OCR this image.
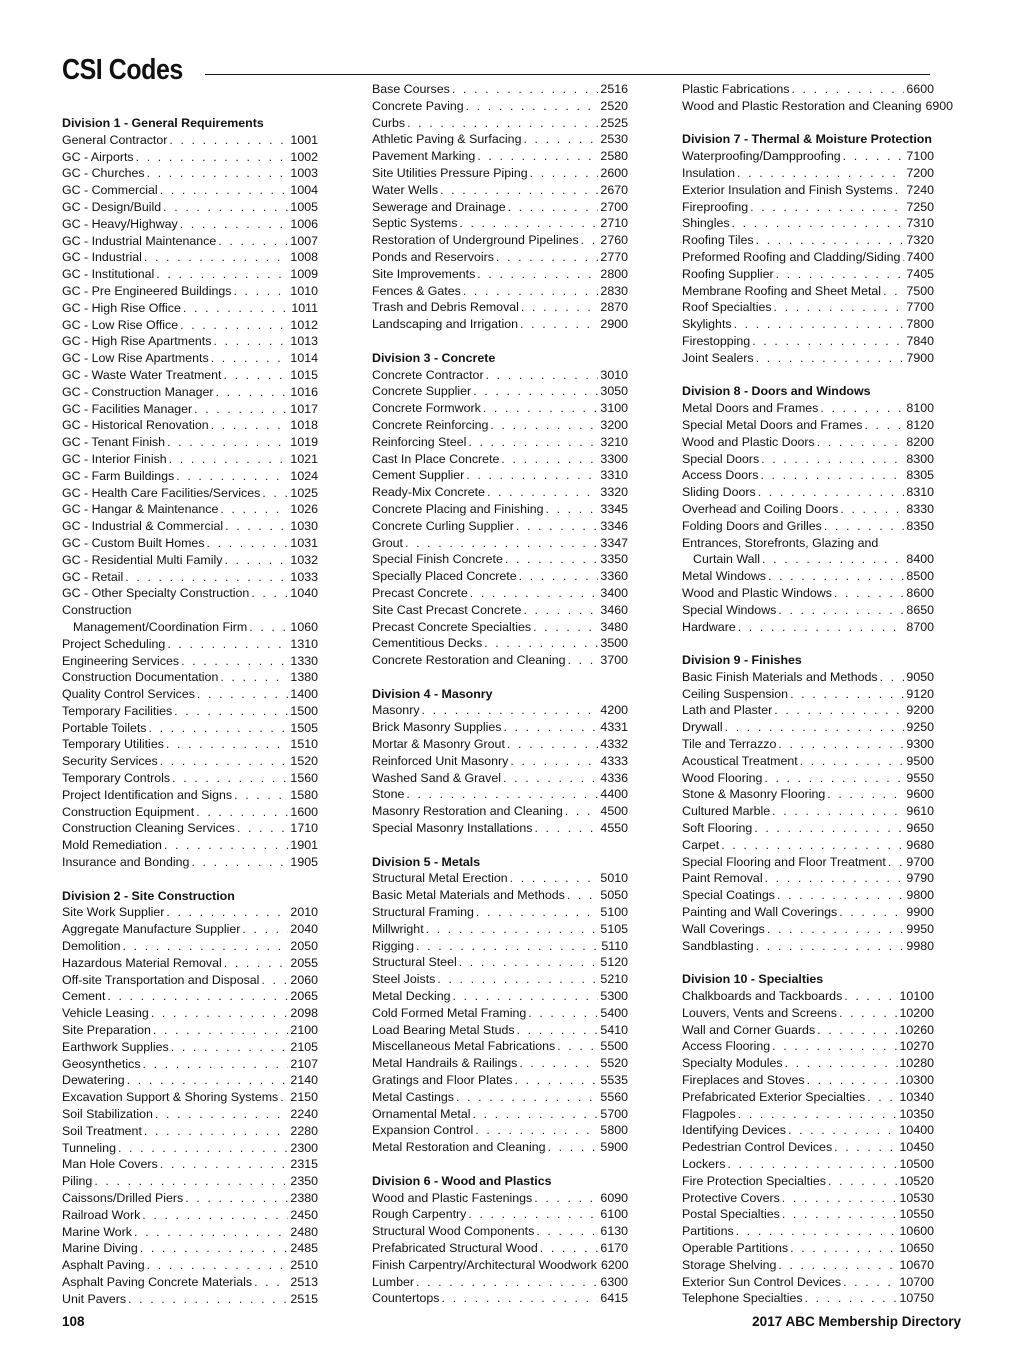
CSI Codes
Division 1 - General Requirements
General Contractor . . .	1001
GC - Airports . . .	1002
GC - Churches . . .	1003
GC - Commercial . . .	1004
GC - Design/Build . . .	1005
GC - Heavy/Highway . . .	1006
GC - Industrial Maintenance . . .	1007
GC - Industrial . . .	1008
GC - Institutional . . .	1009
GC - Pre Engineered Buildings . . .	1010
GC - High Rise Office . . .	1011
GC - Low Rise Office . . .	1012
GC - High Rise Apartments . . .	1013
GC - Low Rise Apartments . . .	1014
GC - Waste Water Treatment . . .	1015
GC - Construction Manager . . .	1016
GC - Facilities Manager . . .	1017
GC - Historical Renovation . . .	1018
GC - Tenant Finish . . .	1019
GC - Interior Finish . . .	1021
GC - Farm Buildings . . .	1024
GC - Health Care Facilities/Services . . . 1025
GC - Hangar & Maintenance . . .	1026
GC - Industrial & Commercial . . .	1030
GC - Custom Built Homes . . .	1031
GC - Residential Multi Family . . .	1032
GC - Retail . . .	1033
GC - Other Specialty Construction . . .	1040
Construction
Management/Coordination Firm . . .	1060
Project Scheduling . . .	1310
Engineering Services . . .	1330
Construction Documentation . . .	1380
Quality Control Services . . .	1400
Temporary Facilities . . .	1500
Portable Toilets . . .	1505
Temporary Utilities . . .	1510
Security Services . . .	1520
Temporary Controls . . .	1560
Project Identification and Signs . . .	1580
Construction Equipment . . .	1600
Construction Cleaning Services . . .	1710
Mold Remediation . . .	1901
Insurance and Bonding . . .	1905
Division 2 - Site Construction
Site Work Supplier . . .	2010
Aggregate Manufacture Supplier . . .	2040
Demolition . . .	2050
Hazardous Material Removal . . .	2055
Off-site Transportation and Disposal . . . 2060
Cement . . .	2065
Vehicle Leasing . . .	2098
Site Preparation . . .	2100
Earthwork Supplies . . .	2105
Geosynthetics . . .	2107
Dewatering . . .	2140
Excavation Support & Shoring Systems . . . 2150
Soil Stabilization . . .	2240
Soil Treatment . . .	2280
Tunneling . . .	2300
Man Hole Covers . . .	2315
Piling . . .	2350
Caissons/Drilled Piers . . .	2380
Railroad Work . . .	2450
Marine Work . . .	2480
Marine Diving . . .	2485
Asphalt Paving . . .	2510
Asphalt Paving Concrete Materials . . .	2513
Unit Pavers . . .	2515
Base Courses . . .	2516
Concrete Paving . . .	2520
Curbs . . .	2525
Athletic Paving & Surfacing . . .	2530
Pavement Marking . . .	2580
Site Utilities Pressure Piping . . .	2600
Water Wells . . .	2670
Sewerage and Drainage . . .	2700
Septic Systems . . .	2710
Restoration of Underground Pipelines . . . 2760
Ponds and Reservoirs . . .	2770
Site Improvements . . .	2800
Fences & Gates . . .	2830
Trash and Debris Removal . . .	2870
Landscaping and Irrigation . . .	2900
Division 3 - Concrete
Concrete Contractor . . .	3010
Concrete Supplier . . .	3050
Concrete Formwork . . .	3100
Concrete Reinforcing . . .	3200
Reinforcing Steel . . .	3210
Cast In Place Concrete . . .	3300
Cement Supplier . . .	3310
Ready-Mix Concrete . . .	3320
Concrete Placing and Finishing . . .	3345
Concrete Curling Supplier . . .	3346
Grout . . .	3347
Special Finish Concrete . . .	3350
Specially Placed Concrete . . .	3360
Precast Concrete . . .	3400
Site Cast Precast Concrete . . .	3460
Precast Concrete Specialties . . .	3480
Cementitious Decks . . .	3500
Concrete Restoration and Cleaning . . .	3700
Division 4 - Masonry
Masonry . . .	4200
Brick Masonry Supplies . . .	4331
Mortar & Masonry Grout . . .	4332
Reinforced Unit Masonry . . .	4333
Washed Sand & Gravel . . .	4336
Stone . . .	4400
Masonry Restoration and Cleaning . . .	4500
Special Masonry Installations . . .	4550
Division 5 - Metals
Structural Metal Erection . . .	5010
Basic Metal Materials and Methods . . .	5050
Structural Framing . . .	5100
Millwright . . .	5105
Rigging . . .	5110
Structural Steel . . .	5120
Steel Joists . . .	5210
Metal Decking . . .	5300
Cold Formed Metal Framing . . .	5400
Load Bearing Metal Studs . . .	5410
Miscellaneous Metal Fabrications . . .	5500
Metal Handrails & Railings . . .	5520
Gratings and Floor Plates . . .	5535
Metal Castings . . .	5560
Ornamental Metal . . .	5700
Expansion Control . . .	5800
Metal Restoration and Cleaning . . .	5900
Division 6 - Wood and Plastics
Wood and Plastic Fastenings . . .	6090
Rough Carpentry . . .	6100
Structural Wood Components . . .	6130
Prefabricated Structural Wood . . .	6170
Finish Carpentry/Architectural Woodwork 6200
Lumber . . .	6300
Countertops . . .	6415
Plastic Fabrications . . .	6600
Wood and Plastic Restoration and Cleaning 6900
Division 7 - Thermal & Moisture Protection
Waterproofing/Dampproofing . . .	7100
Insulation . . .	7200
Exterior Insulation and Finish Systems . . . 7240
Fireproofing . . .	7250
Shingles . . .	7310
Roofing Tiles . . .	7320
Preformed Roofing and Cladding/Siding . . . 7400
Roofing Supplier . . .	7405
Membrane Roofing and Sheet Metal . . . 7500
Roof Specialties . . .	7700
Skylights . . .	7800
Firestopping . . .	7840
Joint Sealers . . .	7900
Division 8 - Doors and Windows
Metal Doors and Frames . . .	8100
Special Metal Doors and Frames . . .	8120
Wood and Plastic Doors . . .	8200
Special Doors . . .	8300
Access Doors . . .	8305
Sliding Doors . . .	8310
Overhead and Coiling Doors . . .	8330
Folding Doors and Grilles . . .	8350
Entrances, Storefronts, Glazing and
Curtain Wall . . .	8400
Metal Windows . . .	8500
Wood and Plastic Windows . . .	8600
Special Windows . . .	8650
Hardware . . .	8700
Division 9 - Finishes
Basic Finish Materials and Methods . . . 9050
Ceiling Suspension . . .	9120
Lath and Plaster . . .	9200
Drywall . . .	9250
Tile and Terrazzo . . .	9300
Acoustical Treatment . . .	9500
Wood Flooring . . .	9550
Stone & Masonry Flooring . . .	9600
Cultured Marble . . .	9610
Soft Flooring . . .	9650
Carpet . . .	9680
Special Flooring and Floor Treatment . . . 9700
Paint Removal . . .	9790
Special Coatings . . .	9800
Painting and Wall Coverings . . .	9900
Wall Coverings . . .	9950
Sandblasting . . .	9980
Division 10 - Specialties
Chalkboards and Tackboards . . .	10100
Louvers, Vents and Screens . . .	10200
Wall and Corner Guards . . .	10260
Access Flooring . . .	10270
Specialty Modules . . .	10280
Fireplaces and Stoves . . .	10300
Prefabricated Exterior Specialties . . .	10340
Flagpoles . . .	10350
Identifying Devices . . .	10400
Pedestrian Control Devices . . .	10450
Lockers . . .	10500
Fire Protection Specialties . . .	10520
Protective Covers . . .	10530
Postal Specialties . . .	10550
Partitions . . .	10600
Operable Partitions . . .	10650
Storage Shelving . . .	10670
Exterior Sun Control Devices . . .	10700
Telephone Specialties . . .	10750
108	2017 ABC Membership Directory
